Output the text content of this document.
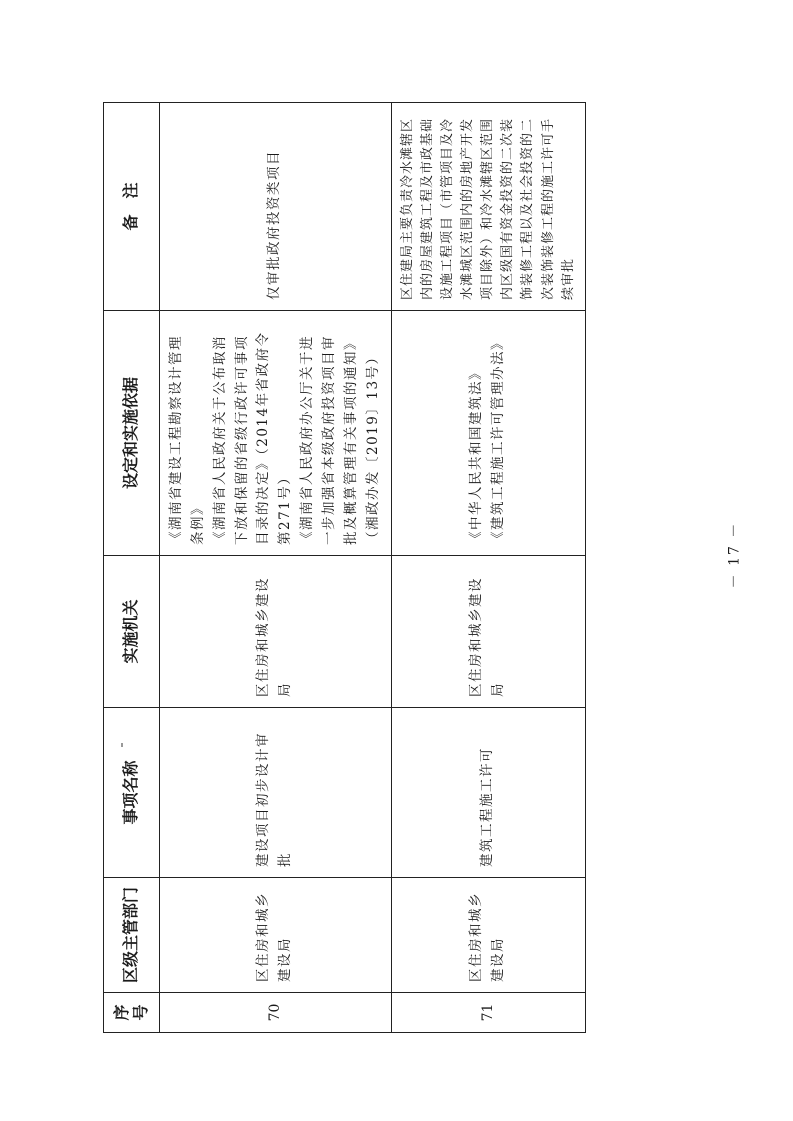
序号	区级主管部门	事项名称	实施机关	设定和实施依据	备　注
70	区住房和城乡建设局	建设项目初步设计审批	区住房和城乡建设局	《湖南省建设工程勘察设计管理条例》 《湖南省人民政府关于公布取消下放和保留的省级行政许可事项目录的决定》（2014年省政府令第271号） 《湖南省人民政府办公厅关于进一步加强省本级政府投资项目审批及概算管理有关事项的通知》（湘政办发〔2019〕13号）	仅审批政府投资类项目
71	区住房和城乡建设局	建筑工程施工许可	区住房和城乡建设局	《中华人民共和国建筑法》 《建筑工程施工许可管理办法》	区住建局主要负责冷水滩辖区内的房屋建筑工程及市政基础设施工程项目（市管项目及冷水滩城区范围内的房地产开发项目除外）和冷水滩辖区范围内区级国有资金投资的二次装饰装修工程以及社会投资的二次装饰装修工程的施工许可手续审批
－ 17 －
